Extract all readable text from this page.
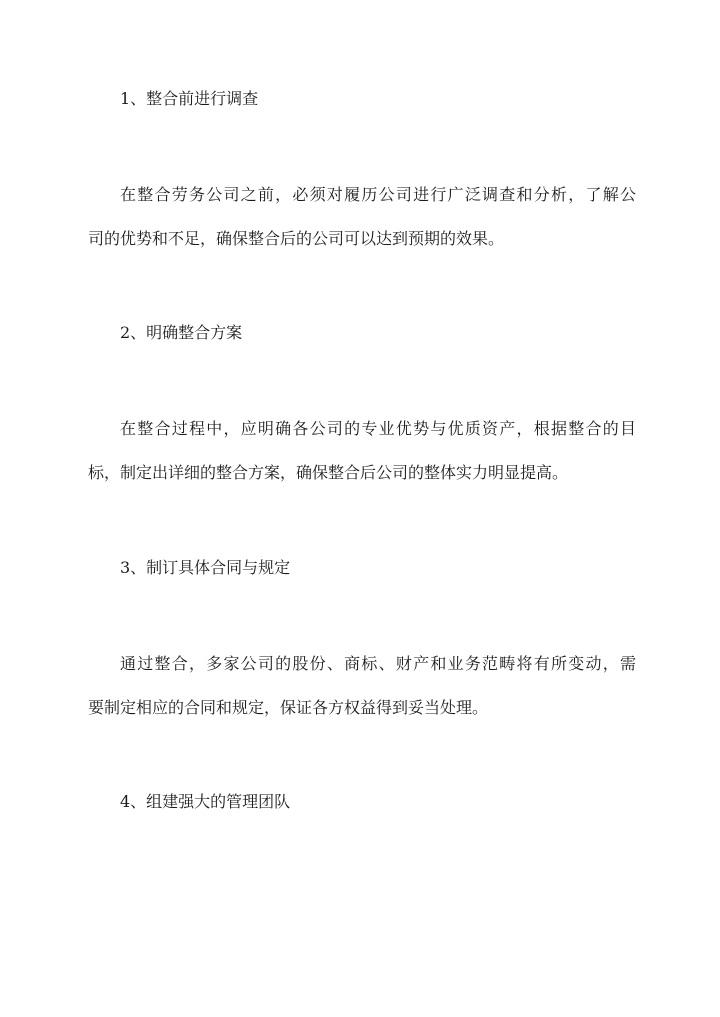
1、整合前进行调查
在整合劳务公司之前，必须对履历公司进行广泛调查和分析，了解公
司的优势和不足，确保整合后的公司可以达到预期的效果。
2、明确整合方案
在整合过程中，应明确各公司的专业优势与优质资产，根据整合的目
标，制定出详细的整合方案，确保整合后公司的整体实力明显提高。
3、制订具体合同与规定
通过整合，多家公司的股份、商标、财产和业务范畴将有所变动，需
要制定相应的合同和规定，保证各方权益得到妥当处理。
4、组建强大的管理团队
